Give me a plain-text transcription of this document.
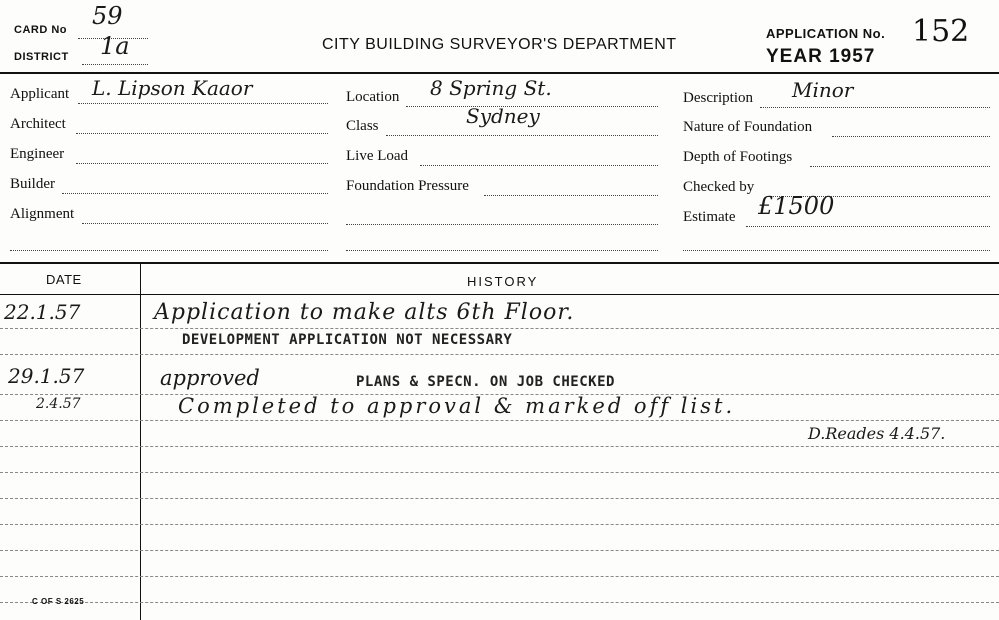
CARD No 59
DISTRICT 1a	CITY BUILDING SURVEYOR'S DEPARTMENT
APPLICATION No. 152
YEAR 1957
Applicant L. Lipson Kaaor
Architect
Engineer
Builder
Alignment
Location 8 Spring St.
Class	Sydney
Live Load
Foundation Pressure
Description Minor
Nature of Foundation
Depth of Footings
Checked by
Estimate £1500
DATE	HISTORY
22.1.57	Application to make alts 6th Floor.
DEVELOPMENT APPLICATION NOT NECESSARY
29.1.57	approved	PLANS & SPECN. ON JOB CHECKED
2.4.57	Completed to approval & marked off list.
D.Reades 4.4.57.
C OF S 2625
